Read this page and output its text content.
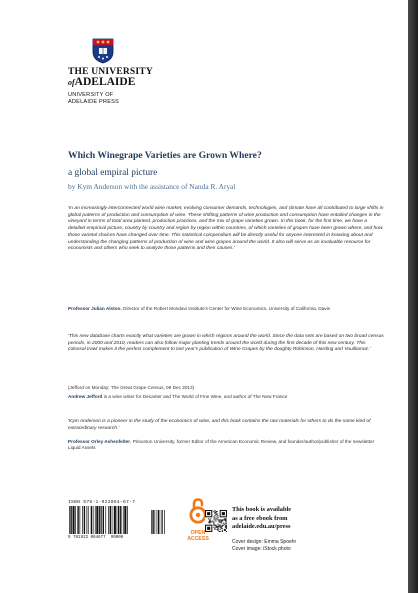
THE UNIVERSITY
ofADELAIDE
UNIVERSITY OF
ADELAIDE PRESS
Which Winegrape Varieties are Grown Where?
a global empiral picture
by Kym Anderson with the assistance of Nanda R. Aryal

'In an increasingly interconnected world wine market, evolving consumer demands, technologies, and climate have all contributed to large shifts in global patterns of production and consumption of wine. These shifting patterns of wine production and consumption have entailed changes in the vineyard in terms of total area planted, production practices, and the mix of grape varieties grown. In this book, for the first time, we have a detailed empirical picture, country by country and region by region within countries, of which varieties of grapes have been grown where, and how those varietal choices have changed over time. This statistical compendium will be directly useful for anyone interested in knowing about and understanding the changing patterns of production of wine and wine grapes around the world. It also will serve as an invaluable resource for economists and others who seek to analyze those patterns and their causes.'

Professor Julian Alston, Director of the Robert Mondavi Institute's Center for Wine Economics, University of California, Davis

'This new database charts exactly what varieties are grown in which regions around the world. Since the data sets are based on two broad census periods, in 2000 and 2010, readers can also follow major planting trends around the world during the first decade of this new century. This colossal trawl makes it the perfect complement to last year's publication of Wine Grapes by the doughty Robinson, Harding and Vouillamoz.'

(Jefford on Monday: The Great Grape Census, 09 Dec 2013)

Andrew Jefford is a wine writer for Decanter and The World of Fine Wine, and author of The New France

'Kym Anderson is a pioneer in the study of the economics of wine, and this book contains the raw materials for others to do the same kind of extraordinary research.'

Professor Orley Ashenfelter, Princeton University, former Editor of the American Economic Review, and founder/author/publisher of the newsletter Liquid Assets

ISBN 978-1-922064-67-7
9 781922 064677 90000
OPEN
ACCESS
This book is available
as a free ebook from
adelaide.edu.au/press
Cover design: Emma Spoehr
Cover image: iStock photo
